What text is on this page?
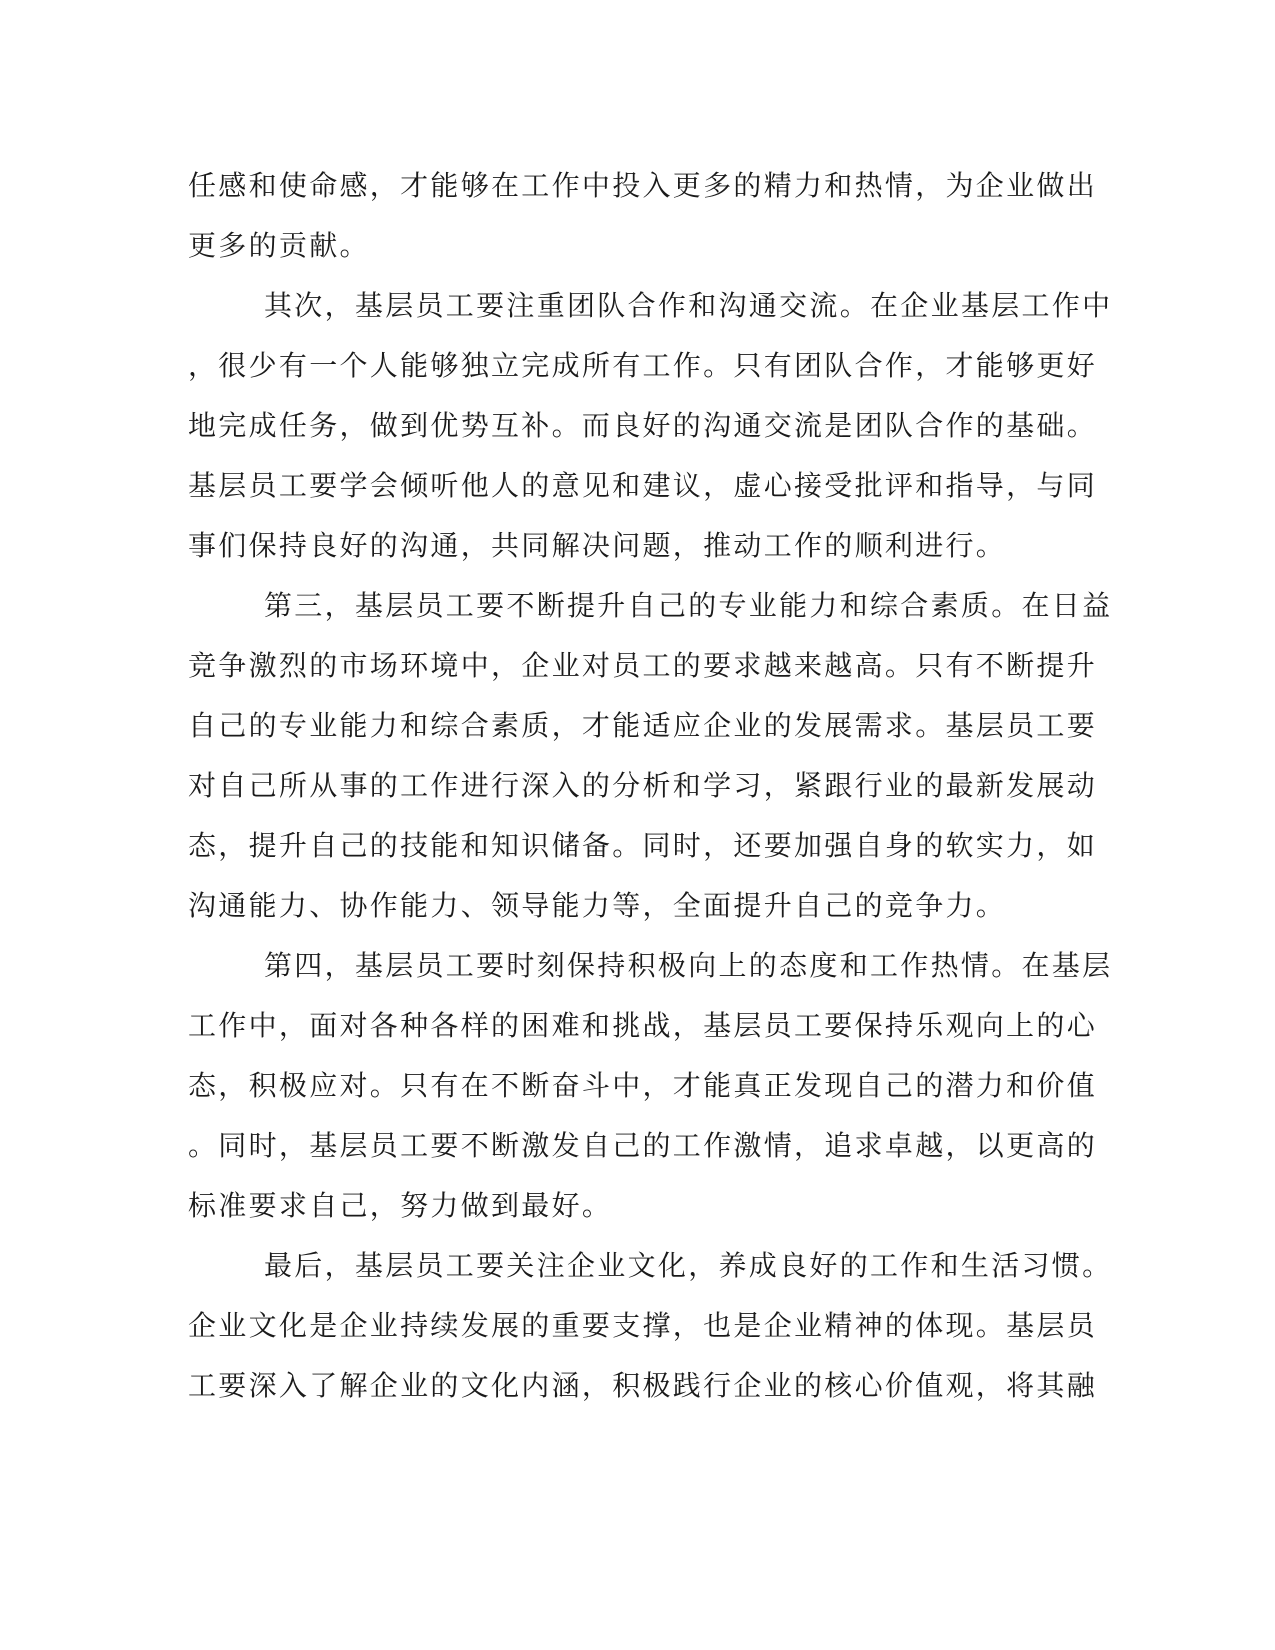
任感和使命感，才能够在工作中投入更多的精力和热情，为企业做出
更多的贡献。
其次，基层员工要注重团队合作和沟通交流。在企业基层工作中
，很少有一个人能够独立完成所有工作。只有团队合作，才能够更好
地完成任务，做到优势互补。而良好的沟通交流是团队合作的基础。
基层员工要学会倾听他人的意见和建议，虚心接受批评和指导，与同
事们保持良好的沟通，共同解决问题，推动工作的顺利进行。
第三，基层员工要不断提升自己的专业能力和综合素质。在日益
竞争激烈的市场环境中，企业对员工的要求越来越高。只有不断提升
自己的专业能力和综合素质，才能适应企业的发展需求。基层员工要
对自己所从事的工作进行深入的分析和学习，紧跟行业的最新发展动
态，提升自己的技能和知识储备。同时，还要加强自身的软实力，如
沟通能力、协作能力、领导能力等，全面提升自己的竞争力。
第四，基层员工要时刻保持积极向上的态度和工作热情。在基层
工作中，面对各种各样的困难和挑战，基层员工要保持乐观向上的心
态，积极应对。只有在不断奋斗中，才能真正发现自己的潜力和价值
。同时，基层员工要不断激发自己的工作激情，追求卓越，以更高的
标准要求自己，努力做到最好。
最后，基层员工要关注企业文化，养成良好的工作和生活习惯。
企业文化是企业持续发展的重要支撑，也是企业精神的体现。基层员
工要深入了解企业的文化内涵，积极践行企业的核心价值观，将其融
